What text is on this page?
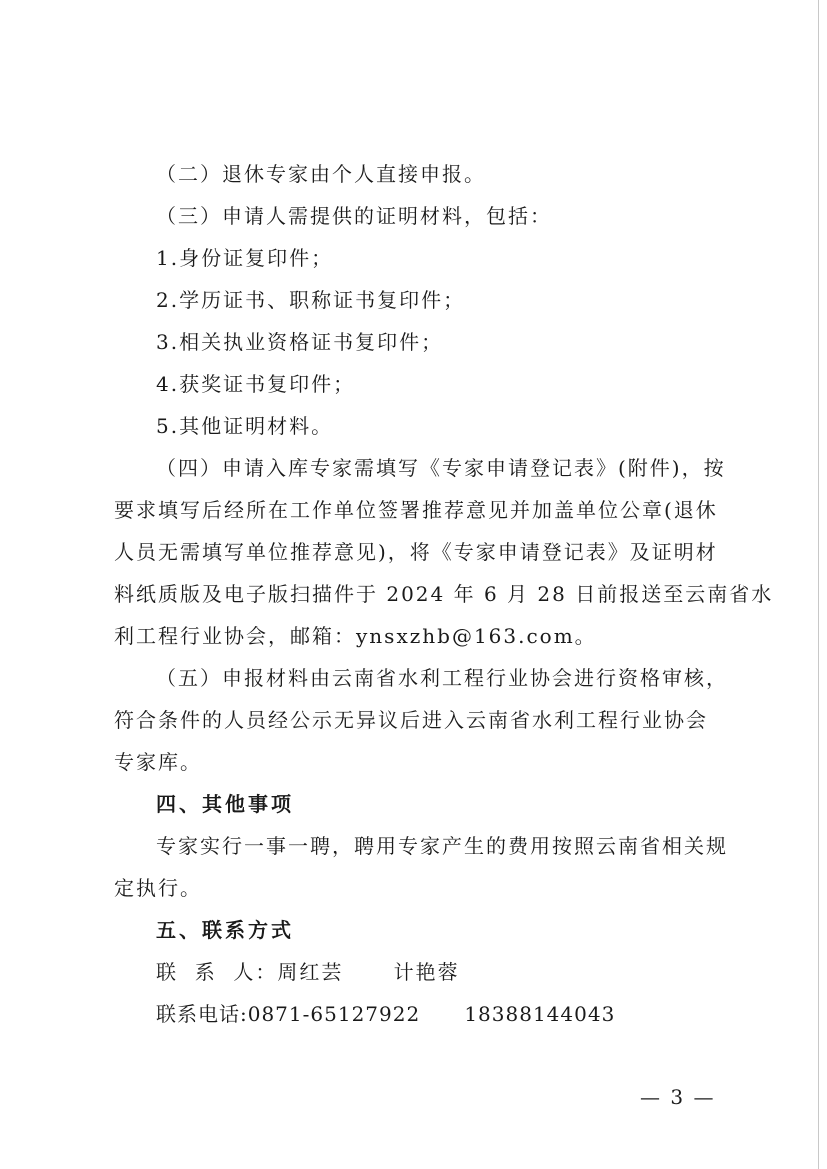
（二）退休专家由个人直接申报。
（三）申请人需提供的证明材料，包括：
1.身份证复印件；
2.学历证书、职称证书复印件；
3.相关执业资格证书复印件；
4.获奖证书复印件；
5.其他证明材料。
（四）申请入库专家需填写《专家申请登记表》(附件)，按
要求填写后经所在工作单位签署推荐意见并加盖单位公章(退休
人员无需填写单位推荐意见)，将《专家申请登记表》及证明材
料纸质版及电子版扫描件于 2024 年 6 月 28 日前报送至云南省水
利工程行业协会，邮箱：ynsxzhb@163.com。
（五）申报材料由云南省水利工程行业协会进行资格审核，
符合条件的人员经公示无异议后进入云南省水利工程行业协会
专家库。
四、其他事项
专家实行一事一聘，聘用专家产生的费用按照云南省相关规
定执行。
五、联系方式
联  系  人：周红芸      计艳蓉
联系电话:0871-65127922      18388144043
— 3 —
